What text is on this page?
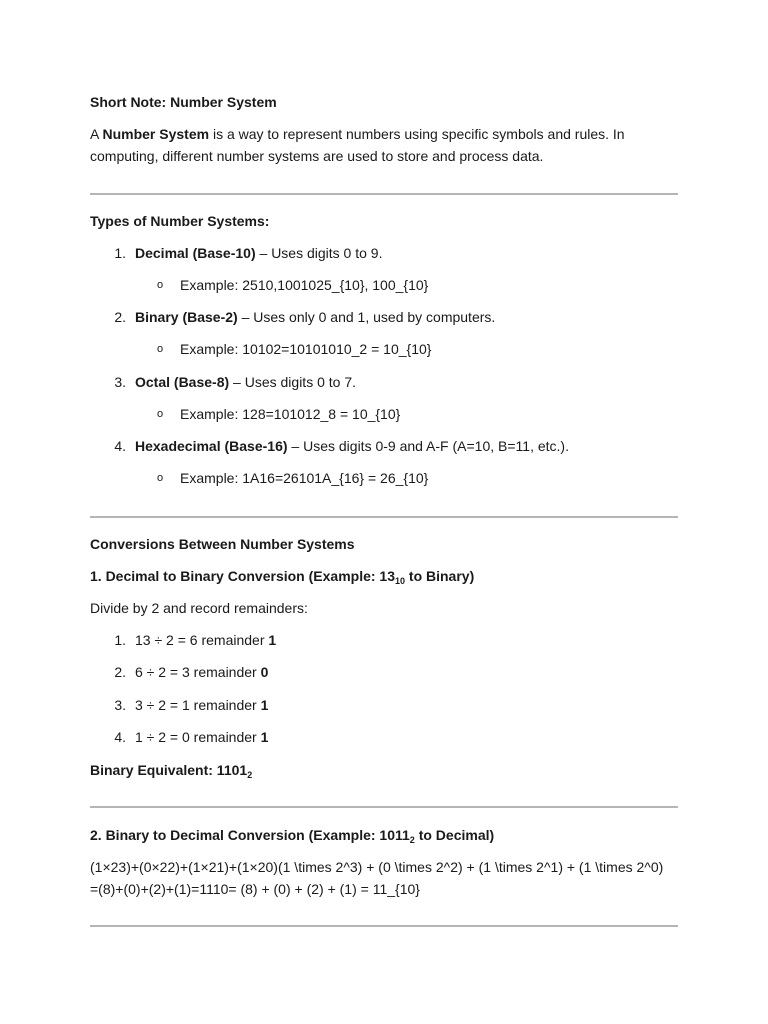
Short Note: Number System
A Number System is a way to represent numbers using specific symbols and rules. In computing, different number systems are used to store and process data.
Types of Number Systems:
1. Decimal (Base-10) – Uses digits 0 to 9.
o Example: 2510,1001025_{10}, 100_{10}
2. Binary (Base-2) – Uses only 0 and 1, used by computers.
o Example: 10102=10101010_2 = 10_{10}
3. Octal (Base-8) – Uses digits 0 to 7.
o Example: 128=101012_8 = 10_{10}
4. Hexadecimal (Base-16) – Uses digits 0-9 and A-F (A=10, B=11, etc.).
o Example: 1A16=26101A_{16} = 26_{10}
Conversions Between Number Systems
1. Decimal to Binary Conversion (Example: $13_{10}$ to Binary)
Divide by 2 and record remainders:
1. 13 ÷ 2 = 6 remainder 1
2. 6 ÷ 2 = 3 remainder 0
3. 3 ÷ 2 = 1 remainder 1
4. 1 ÷ 2 = 0 remainder 1
Binary Equivalent: $1101_2$
2. Binary to Decimal Conversion (Example: $1011_2$ to Decimal)
(1×23)+(0×22)+(1×21)+(1×20)(1 \times 2^3) + (0 \times 2^2) + (1 \times 2^1) + (1 \times 2^0)
=(8)+(0)+(2)+(1)=1110= (8) + (0) + (2) + (1) = 11_{10}
